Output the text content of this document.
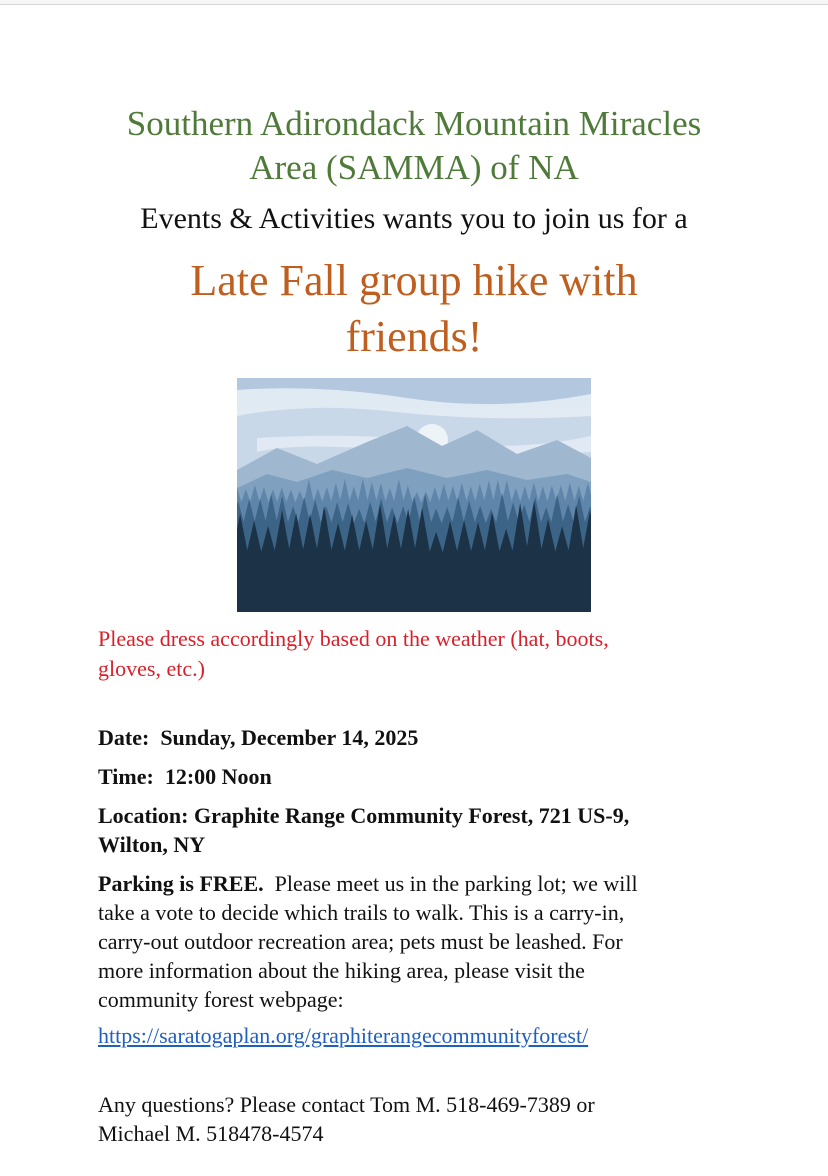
Southern Adirondack Mountain Miracles
Area (SAMMA) of NA
Events & Activities wants you to join us for a
Late Fall group hike with
friends!
Please dress accordingly based on the weather (hat, boots,
gloves, etc.)
Date: Sunday, December 14, 2025
Time: 12:00 Noon
Location: Graphite Range Community Forest, 721 US-9,
Wilton, NY
Parking is FREE. Please meet us in the parking lot; we will
take a vote to decide which trails to walk. This is a carry-in,
carry-out outdoor recreation area; pets must be leashed. For
more information about the hiking area, please visit the
community forest webpage:
https://saratogaplan.org/graphiterangecommunityforest/
Any questions? Please contact Tom M. 518-469-7389 or
Michael M. 518478-4574
